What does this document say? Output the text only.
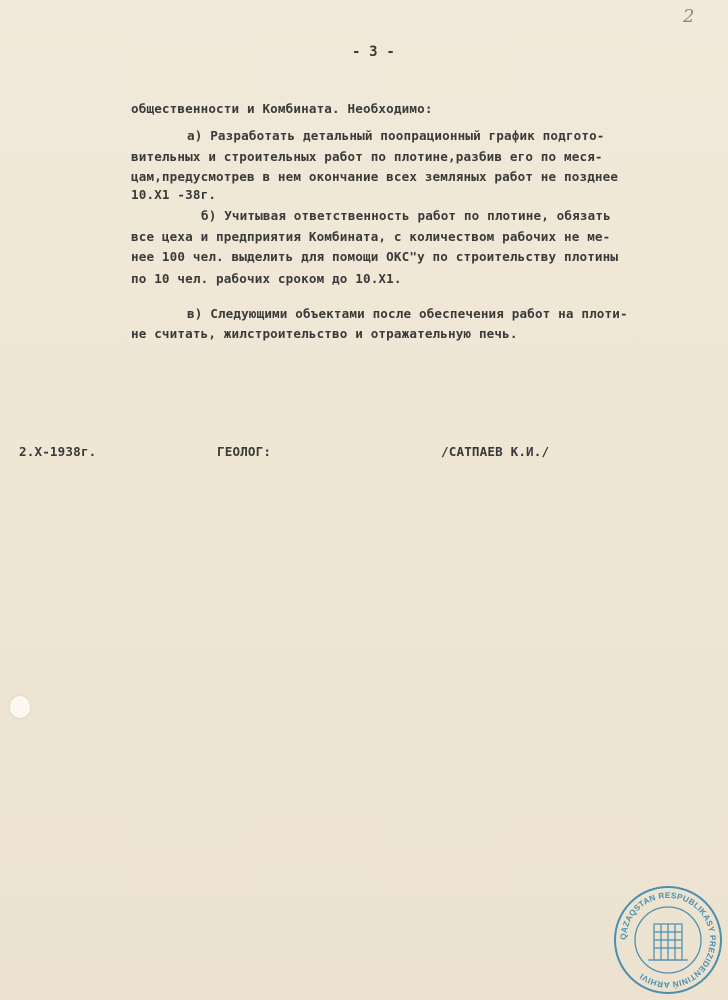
2
- 3 -
общественности и Комбината. Необходимо:
а) Разработать детальный поопрационный график подгото-
вительных и строительных работ по плотине,разбив его по меся-
цам,предусмотрев в нем окончание всех земляных работ не позднее
10.Х1 -38г.
б) Учитывая ответственность работ по плотине, обязать
все цеха и предприятия Комбината, с количеством рабочих не ме-
нее 100 чел. выделить для помощи ОКС"у по строительству плотины
по 10 чел. рабочих сроком до 10.Х1.
в) Следующими объектами после обеспечения работ на плоти-
не считать, жилстроительство и отражательную печь.
2.Х-1938г.	ГЕОЛОГ:	/САТПАЕВ К.И./
QAZAQSTAN RESPUBLIKASY PREZIDENTINIŃ ARHIVI
